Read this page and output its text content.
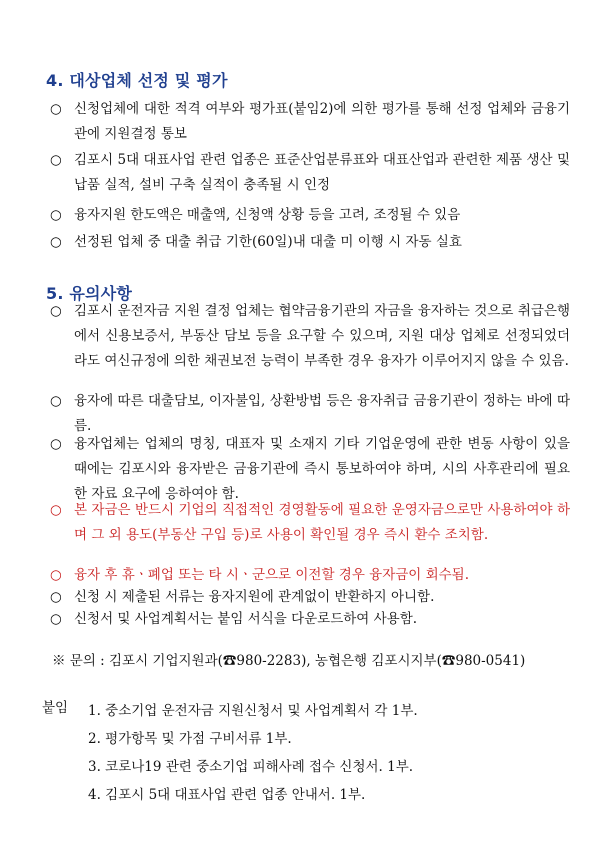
4. 대상업체 선정 및 평가
○ 신청업체에 대한 적격 여부와 평가표(붙임2)에 의한 평가를 통해 선정 업체와 금융기관에 지원결정 통보
○ 김포시 5대 대표사업 관련 업종은 표준산업분류표와 대표산업과 관련한 제품 생산 및 납품 실적, 설비 구축 실적이 충족될 시 인정
○ 융자지원 한도액은 매출액, 신청액 상황 등을 고려, 조정될 수 있음
○ 선정된 업체 중 대출 취급 기한(60일)내 대출 미 이행 시 자동 실효
5. 유의사항
○ 김포시 운전자금 지원 결정 업체는 협약금융기관의 자금을 융자하는 것으로 취급은행에서 신용보증서, 부동산 담보 등을 요구할 수 있으며, 지원 대상 업체로 선정되었더라도 여신규정에 의한 채권보전 능력이 부족한 경우 융자가 이루어지지 않을 수 있음.
○ 융자에 따른 대출담보, 이자불입, 상환방법 등은 융자취급 금융기관이 정하는 바에 따름.
○ 융자업체는 업체의 명칭, 대표자 및 소재지 기타 기업운영에 관한 변동 사항이 있을 때에는 김포시와 융자받은 금융기관에 즉시 통보하여야 하며, 시의 사후관리에 필요한 자료 요구에 응하여야 함.
○ 본 자금은 반드시 기업의 직접적인 경영활동에 필요한 운영자금으로만 사용하여야 하며 그 외 용도(부동산 구입 등)로 사용이 확인될 경우 즉시 환수 조치함.
○ 융자 후 휴ㆍ폐업 또는 타 시ㆍ군으로 이전할 경우 융자금이 회수됨.
○ 신청 시 제출된 서류는 융자지원에 관계없이 반환하지 아니함.
○ 신청서 및 사업계획서는 붙임 서식을 다운로드하여 사용함.
※ 문의 : 김포시 기업지원과(☎980-2283), 농협은행 김포시지부(☎980-0541)
붙임 1. 중소기업 운전자금 지원신청서 및 사업계획서 각 1부.
2. 평가항목 및 가점 구비서류 1부.
3. 코로나19 관련 중소기업 피해사례 접수 신청서. 1부.
4. 김포시 5대 대표사업 관련 업종 안내서. 1부.
